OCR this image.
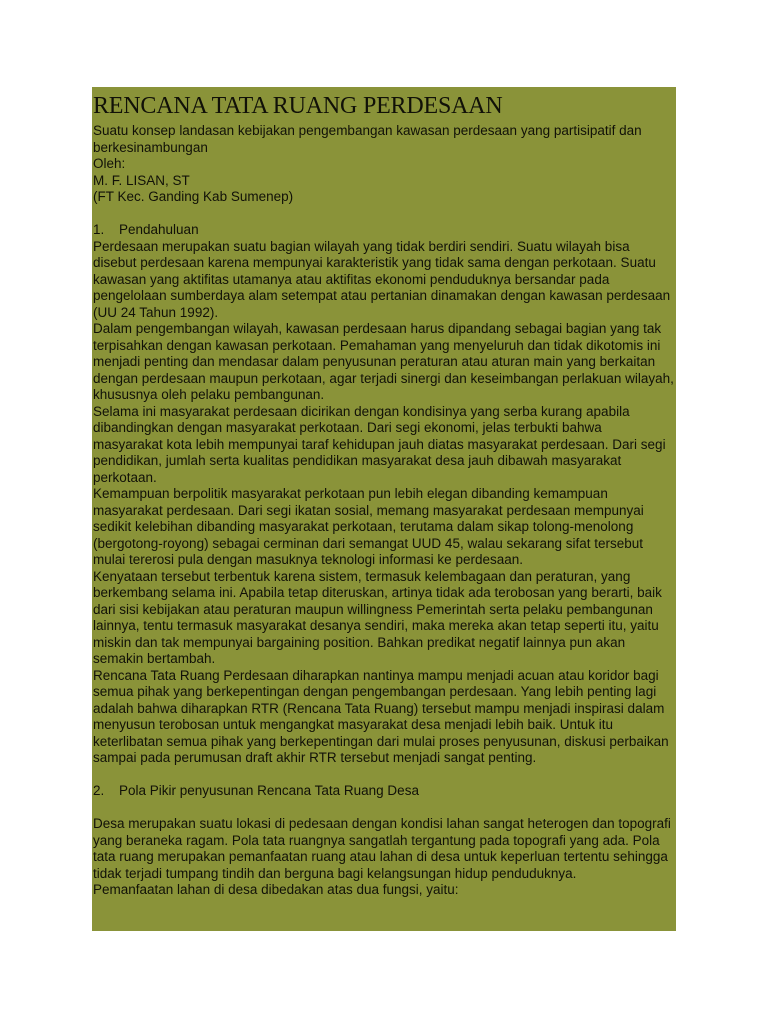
RENCANA TATA RUANG PERDESAAN
Suatu konsep landasan kebijakan pengembangan kawasan perdesaan yang partisipatif dan berkesinambungan
Oleh:
M. F. LISAN, ST
(FT Kec. Ganding Kab Sumenep)
1. Pendahuluan
Perdesaan merupakan suatu bagian wilayah yang tidak berdiri sendiri. Suatu wilayah bisa disebut perdesaan karena mempunyai karakteristik yang tidak sama dengan perkotaan. Suatu kawasan yang aktifitas utamanya atau aktifitas ekonomi penduduknya bersandar pada pengelolaan sumberdaya alam setempat atau pertanian dinamakan dengan kawasan perdesaan (UU 24 Tahun 1992).
Dalam pengembangan wilayah, kawasan perdesaan harus dipandang sebagai bagian yang tak terpisahkan dengan kawasan perkotaan. Pemahaman yang menyeluruh dan tidak dikotomis ini menjadi penting dan mendasar dalam penyusunan peraturan atau aturan main yang berkaitan dengan perdesaan maupun perkotaan, agar terjadi sinergi dan keseimbangan perlakuan wilayah, khususnya oleh pelaku pembangunan.
Selama ini masyarakat perdesaan dicirikan dengan kondisinya yang serba kurang apabila dibandingkan dengan masyarakat perkotaan. Dari segi ekonomi, jelas terbukti bahwa masyarakat kota lebih mempunyai taraf kehidupan jauh diatas masyarakat perdesaan. Dari segi pendidikan, jumlah serta kualitas pendidikan masyarakat desa jauh dibawah masyarakat perkotaan.
Kemampuan berpolitik masyarakat perkotaan pun lebih elegan dibanding kemampuan masyarakat perdesaan. Dari segi ikatan sosial, memang masyarakat perdesaan mempunyai sedikit kelebihan dibanding masyarakat perkotaan, terutama dalam sikap tolong-menolong (bergotong-royong) sebagai cerminan dari semangat UUD 45, walau sekarang sifat tersebut mulai tererosi pula dengan masuknya teknologi informasi ke perdesaan.
Kenyataan tersebut terbentuk karena sistem, termasuk kelembagaan dan peraturan, yang berkembang selama ini. Apabila tetap diteruskan, artinya tidak ada terobosan yang berarti, baik dari sisi kebijakan atau peraturan maupun willingness Pemerintah serta pelaku pembangunan lainnya, tentu termasuk masyarakat desanya sendiri, maka mereka akan tetap seperti itu, yaitu miskin dan tak mempunyai bargaining position. Bahkan predikat negatif lainnya pun akan semakin bertambah.
Rencana Tata Ruang Perdesaan diharapkan nantinya mampu menjadi acuan atau koridor bagi semua pihak yang berkepentingan dengan pengembangan perdesaan. Yang lebih penting lagi adalah bahwa diharapkan RTR (Rencana Tata Ruang) tersebut mampu menjadi inspirasi dalam menyusun terobosan untuk mengangkat masyarakat desa menjadi lebih baik. Untuk itu keterlibatan semua pihak yang berkepentingan dari mulai proses penyusunan, diskusi perbaikan sampai pada perumusan draft akhir RTR tersebut menjadi sangat penting.
2. Pola Pikir penyusunan Rencana Tata Ruang Desa
Desa merupakan suatu lokasi di pedesaan dengan kondisi lahan sangat heterogen dan topografi yang beraneka ragam. Pola tata ruangnya sangatlah tergantung pada topografi yang ada. Pola tata ruang merupakan pemanfaatan ruang atau lahan di desa untuk keperluan tertentu sehingga tidak terjadi tumpang tindih dan berguna bagi kelangsungan hidup penduduknya.
Pemanfaatan lahan di desa dibedakan atas dua fungsi, yaitu:
